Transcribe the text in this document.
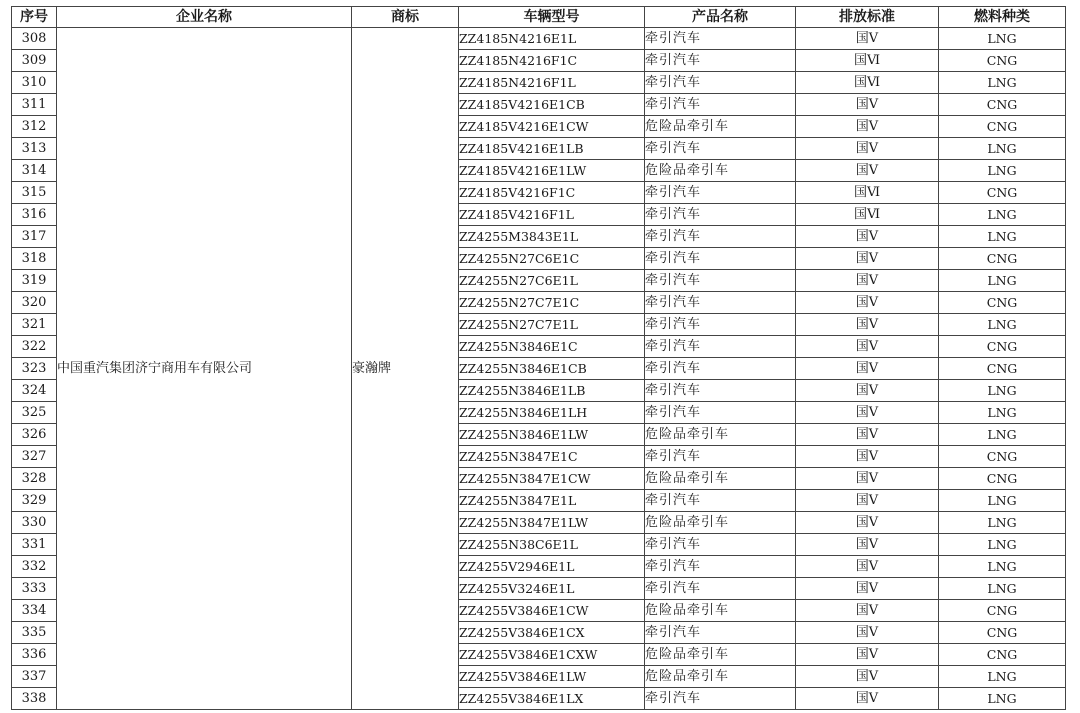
序号	企业名称	商标	车辆型号	产品名称	排放标准	燃料种类
308	中国重汽集团济宁商用车有限公司	豪瀚牌	ZZ4185N4216E1L	牵引汽车	国Ⅴ	LNG
309			ZZ4185N4216F1C	牵引汽车	国Ⅵ	CNG
310			ZZ4185N4216F1L	牵引汽车	国Ⅵ	LNG
311			ZZ4185V4216E1CB	牵引汽车	国Ⅴ	CNG
312			ZZ4185V4216E1CW	危险品牵引车	国Ⅴ	CNG
313			ZZ4185V4216E1LB	牵引汽车	国Ⅴ	LNG
314			ZZ4185V4216E1LW	危险品牵引车	国Ⅴ	LNG
315			ZZ4185V4216F1C	牵引汽车	国Ⅵ	CNG
316			ZZ4185V4216F1L	牵引汽车	国Ⅵ	LNG
317			ZZ4255M3843E1L	牵引汽车	国Ⅴ	LNG
318			ZZ4255N27C6E1C	牵引汽车	国Ⅴ	CNG
319			ZZ4255N27C6E1L	牵引汽车	国Ⅴ	LNG
320			ZZ4255N27C7E1C	牵引汽车	国Ⅴ	CNG
321			ZZ4255N27C7E1L	牵引汽车	国Ⅴ	LNG
322			ZZ4255N3846E1C	牵引汽车	国Ⅴ	CNG
323			ZZ4255N3846E1CB	牵引汽车	国Ⅴ	CNG
324			ZZ4255N3846E1LB	牵引汽车	国Ⅴ	LNG
325			ZZ4255N3846E1LH	牵引汽车	国Ⅴ	LNG
326			ZZ4255N3846E1LW	危险品牵引车	国Ⅴ	LNG
327			ZZ4255N3847E1C	牵引汽车	国Ⅴ	CNG
328			ZZ4255N3847E1CW	危险品牵引车	国Ⅴ	CNG
329			ZZ4255N3847E1L	牵引汽车	国Ⅴ	LNG
330			ZZ4255N3847E1LW	危险品牵引车	国Ⅴ	LNG
331			ZZ4255N38C6E1L	牵引汽车	国Ⅴ	LNG
332			ZZ4255V2946E1L	牵引汽车	国Ⅴ	LNG
333			ZZ4255V3246E1L	牵引汽车	国Ⅴ	LNG
334			ZZ4255V3846E1CW	危险品牵引车	国Ⅴ	CNG
335			ZZ4255V3846E1CX	牵引汽车	国Ⅴ	CNG
336			ZZ4255V3846E1CXW	危险品牵引车	国Ⅴ	CNG
337			ZZ4255V3846E1LW	危险品牵引车	国Ⅴ	LNG
338			ZZ4255V3846E1LX	牵引汽车	国Ⅴ	LNG
